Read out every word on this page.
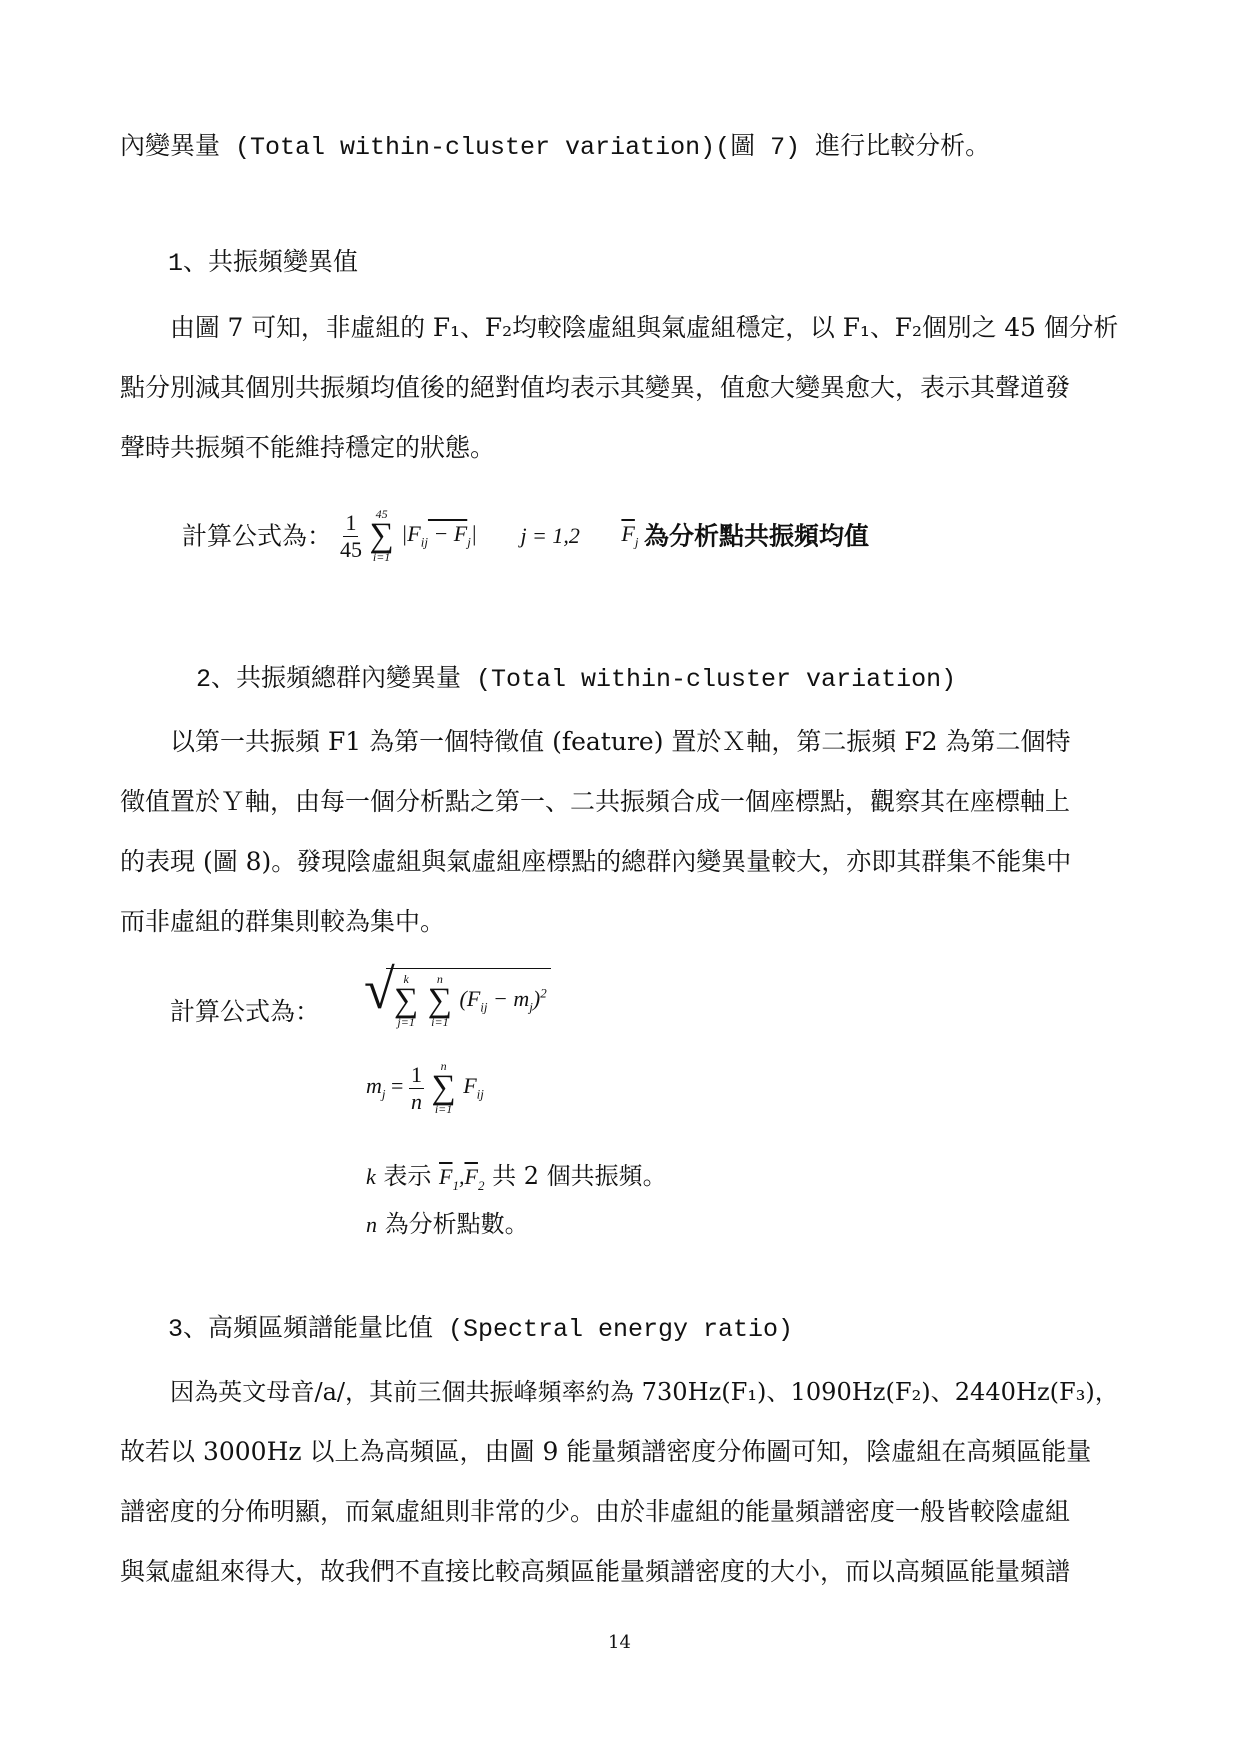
內變異量 (Total within-cluster variation)(圖 7) 進行比較分析。
1、共振頻變異值
由圖 7 可知，非虛組的 F₁、F₂均較陰虛組與氣虛組穩定，以 F₁、F₂個別之 45 個分析
點分別減其個別共振頻均值後的絕對值均表示其變異，值愈大變異愈大，表示其聲道發
聲時共振頻不能維持穩定的狀態。
計算公式為： $\frac{1}{45}$
45
∑
i=1
$|F_{ij} - F_j|$ j = 1,2 $\overline{F}_j$ 為分析點共振頻均值
2、共振頻總群內變異量 (Total within-cluster variation)
以第一共振頻 F1 為第一個特徵值 (feature) 置於Ｘ軸，第二振頻 F2 為第二個特
徵值置於Ｙ軸，由每一個分析點之第一、二共振頻合成一個座標點，觀察其在座標軸上
的表現 (圖 8)。發現陰虛組與氣虛組座標點的總群內變異量較大，亦即其群集不能集中
而非虛組的群集則較為集中。
計算公式為： √ k
∑
j=1

n
∑
i=1
$(F_{ij} - m_j)^2$
$m_j = \frac{1}{n}$
n
∑
i=1
$F_{ij}$
k 表示 $\overline{F}_1,\overline{F}_2$ 共 2 個共振頻。
n 為分析點數。
3、高頻區頻譜能量比值 (Spectral energy ratio)
因為英文母音/a/，其前三個共振峰頻率約為 730Hz(F₁)、1090Hz(F₂)、2440Hz(F₃)，
故若以 3000Hz 以上為高頻區，由圖 9 能量頻譜密度分佈圖可知，陰虛組在高頻區能量
譜密度的分佈明顯，而氣虛組則非常的少。由於非虛組的能量頻譜密度一般皆較陰虛組
與氣虛組來得大，故我們不直接比較高頻區能量頻譜密度的大小，而以高頻區能量頻譜
14
